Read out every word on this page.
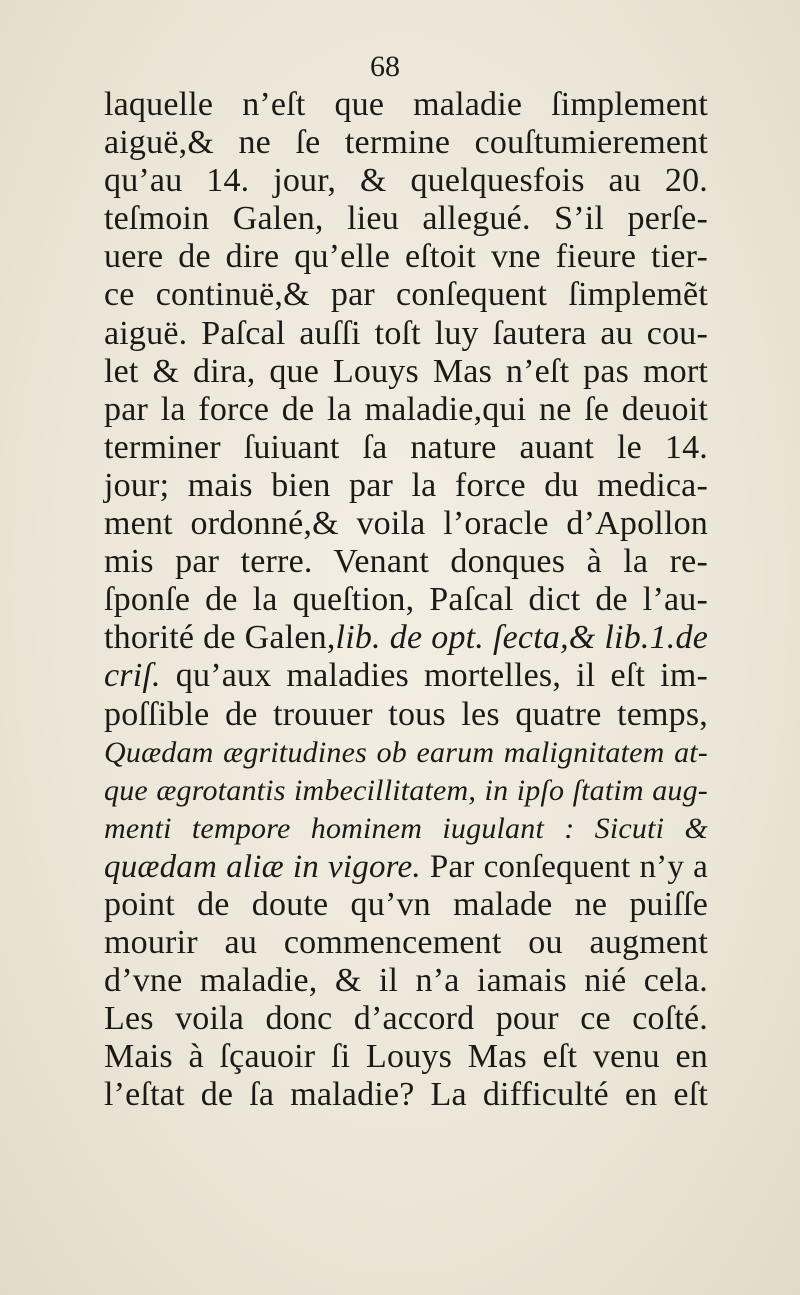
68
laquelle n’eſt que maladie ſimplement
aiguë,& ne ſe termine couſtumierement
qu’au 14. jour, & quelquesfois au 20.
teſmoin Galen, lieu allegué. S’il perſe-
uere de dire qu’elle eſtoit vne fieure tier-
ce continuë,& par conſequent ſimplemẽt
aiguë. Paſcal auſſi toſt luy ſautera au cou-
let & dira, que Louys Mas n’eſt pas mort
par la force de la maladie,qui ne ſe deuoit
terminer ſuiuant ſa nature auant le 14.
jour; mais bien par la force du medica-
ment ordonné,& voila l’oracle d’Apollon
mis par terre. Venant donques à la re-
ſponſe de la queſtion, Paſcal dict de l’au-
thorité de Galen,lib. de opt. ſecta,& lib.1.de
criſ. qu’aux maladies mortelles, il eſt im-
poſſible de trouuer tous les quatre temps,
Quædam ægritudines ob earum malignitatem at-
que ægrotantis imbecillitatem, in ipſo ſtatim aug-
menti tempore hominem iugulant : Sicuti &
quædam aliæ in vigore. Par conſequent n’y a
point de doute qu’vn malade ne puiſſe
mourir au commencement ou augment
d’vne maladie, & il n’a iamais nié cela.
Les voila donc d’accord pour ce coſté.
Mais à ſçauoir ſi Louys Mas eſt venu en
l’eſtat de ſa maladie? La difficulté en eſt
